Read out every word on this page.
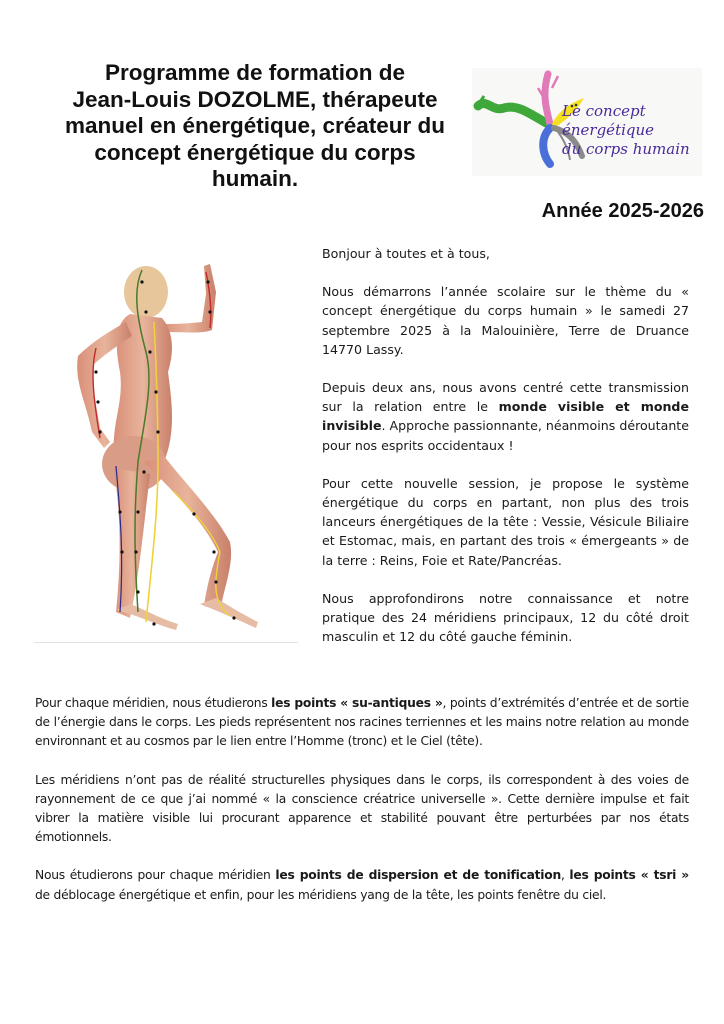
Programme de formation de
Jean-Louis DOZOLME, thérapeute
manuel en énergétique, créateur du
concept énergétique du corps
humain.
Le concept
énergétique
du corps humain
Année 2025-2026

Bonjour à toutes et à tous,

Nous démarrons l’année scolaire sur le thème du « concept énergétique du corps humain » le samedi 27 septembre 2025 à la Malouinière, Terre de Druance 14770 Lassy.

Depuis deux ans, nous avons centré cette transmission sur la relation entre le monde visible et monde invisible. Approche passionnante, néanmoins déroutante pour nos esprits occidentaux !

Pour cette nouvelle session, je propose le système énergétique du corps en partant, non plus des trois lanceurs énergétiques de la tête : Vessie, Vésicule Biliaire et Estomac, mais, en partant des trois « émergeants » de la terre : Reins, Foie et Rate/Pancréas.

Nous approfondirons notre connaissance et notre pratique des 24 méridiens principaux, 12 du côté droit masculin et 12 du côté gauche féminin.

Pour chaque méridien, nous étudierons les points « su-antiques », points d’extrémités d’entrée et de sortie de l’énergie dans le corps. Les pieds représentent nos racines terriennes et les mains notre relation au monde environnant et au cosmos par le lien entre l’Homme (tronc) et le Ciel (tête).

Les méridiens n’ont pas de réalité structurelles physiques dans le corps, ils correspondent à des voies de rayonnement de ce que j’ai nommé « la conscience créatrice universelle ». Cette dernière impulse et fait vibrer la matière visible lui procurant apparence et stabilité pouvant être perturbées par nos états émotionnels.

Nous étudierons pour chaque méridien les points de dispersion et de tonification, les points « tsri » de déblocage énergétique et enfin, pour les méridiens yang de la tête, les points fenêtre du ciel.
